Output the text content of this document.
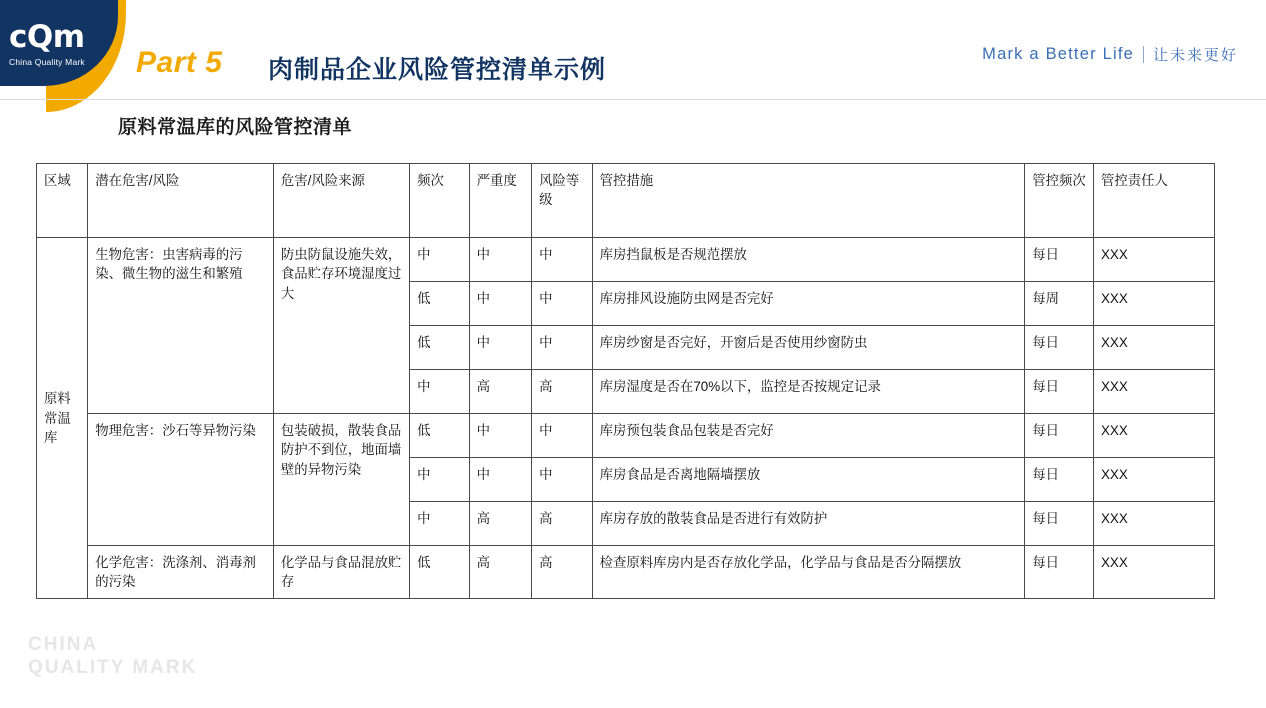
cQm
China Quality Mark Part 5 肉制品企业风险管控清单示例
Mark a Better Life 让未来更好
原料常温库的风险管控清单
区域	潜在危害/风险	危害/风险来源	频次	严重度	风险等级	管控措施	管控频次	管控责任人
原料常温库	生物危害：虫害病毒的污染、微生物的滋生和繁殖	防虫防鼠设施失效，食品贮存环境湿度过大	中	中	中	库房挡鼠板是否规范摆放	每日	XXX
			低	中	中	库房排风设施防虫网是否完好	每周	XXX
			低	中	中	库房纱窗是否完好，开窗后是否使用纱窗防虫	每日	XXX
			中	高	高	库房湿度是否在70%以下，监控是否按规定记录	每日	XXX
	物理危害：沙石等异物污染	包装破损，散装食品防护不到位，地面墙壁的异物污染	低	中	中	库房预包装食品包装是否完好	每日	XXX
			中	中	中	库房食品是否离地隔墙摆放	每日	XXX
			中	高	高	库房存放的散装食品是否进行有效防护	每日	XXX
	化学危害：洗涤剂、消毒剂的污染	化学品与食品混放贮存	低	高	高	检查原料库房内是否存放化学品，化学品与食品是否分隔摆放	每日	XXX
CHINA
QUALITY MARK
